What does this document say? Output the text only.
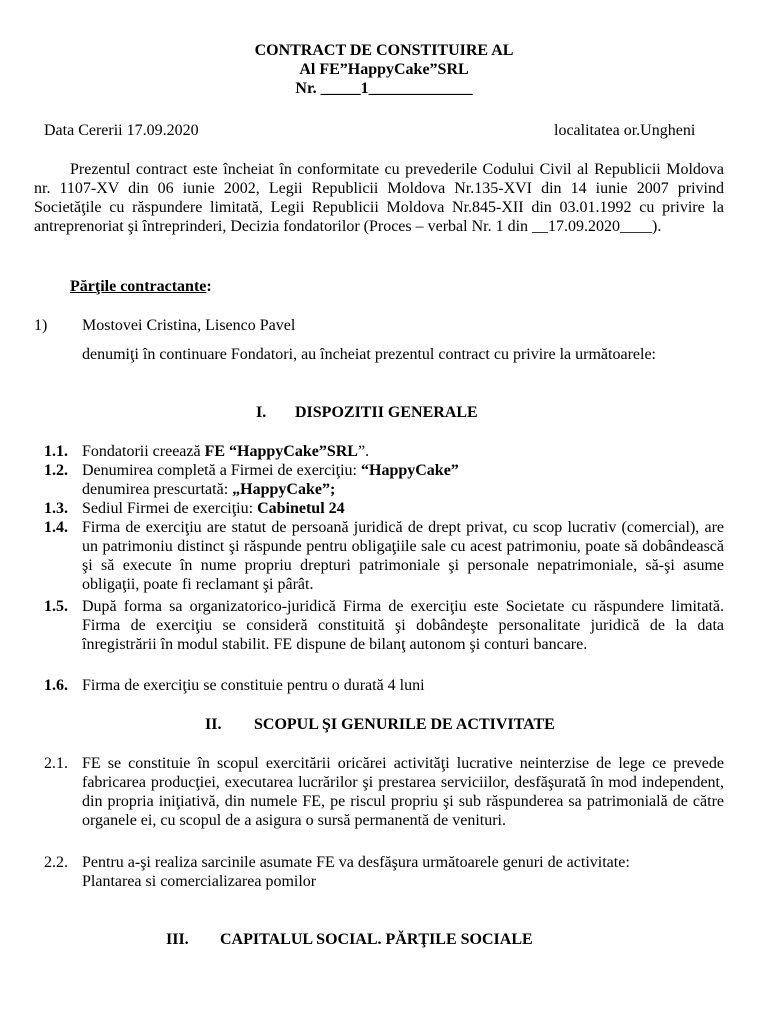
CONTRACT DE CONSTITUIRE AL
Al FE”HappyCake”SRL
Nr. _____1_____________
Data Cererii 17.09.2020	localitatea or.Ungheni
Prezentul contract este încheiat în conformitate cu prevederile Codului Civil al Republicii Moldova nr. 1107-XV din 06 iunie 2002, Legii Republicii Moldova Nr.135-XVI din 14 iunie 2007 privind Societăţile cu răspundere limitată, Legii Republicii Moldova Nr.845-XII din 03.01.1992 cu privire la antreprenoriat şi întreprinderi, Decizia fondatorilor (Proces – verbal Nr. 1 din __17.09.2020____).
Părţile contractante:
1) Mostovei Cristina, Lisenco Pavel
denumiţi în continuare Fondatori, au încheiat prezentul contract cu privire la următoarele:
I. DISPOZITII GENERALE
1.1. Fondatorii creează FE “HappyCake”SRL”.
1.2. Denumirea completă a Firmei de exerciţiu: “HappyCake”
denumirea prescurtată: „HappyCake”;
1.3. Sediul Firmei de exerciţiu: Cabinetul 24
1.4. Firma de exerciţiu are statut de persoană juridică de drept privat, cu scop lucrativ (comercial), are un patrimoniu distinct şi răspunde pentru obligaţiile sale cu acest patrimoniu, poate să dobândească şi să execute în nume propriu drepturi patrimoniale şi personale nepatrimoniale, să-şi asume obligaţii, poate fi reclamant şi pârât.
1.5. După forma sa organizatorico-juridică Firma de exerciţiu este Societate cu răspundere limitată. Firma de exerciţiu se consideră constituită şi dobândeşte personalitate juridică de la data înregistrării în modul stabilit. FE dispune de bilanţ autonom şi conturi bancare.
1.6. Firma de exerciţiu se constituie pentru o durată 4 luni
II. SCOPUL ŞI GENURILE DE ACTIVITATE
2.1. FE se constituie în scopul exercitării oricărei activităţi lucrative neinterzise de lege ce prevede fabricarea producţiei, executarea lucrărilor şi prestarea serviciilor, desfăşurată în mod independent, din propria iniţiativă, din numele FE, pe riscul propriu şi sub răspunderea sa patrimonială de către organele ei, cu scopul de a asigura o sursă permanentă de venituri.
2.2. Pentru a-şi realiza sarcinile asumate FE va desfăşura următoarele genuri de activitate:
Plantarea si comercializarea pomilor
III. CAPITALUL SOCIAL. PĂRŢILE SOCIALE
